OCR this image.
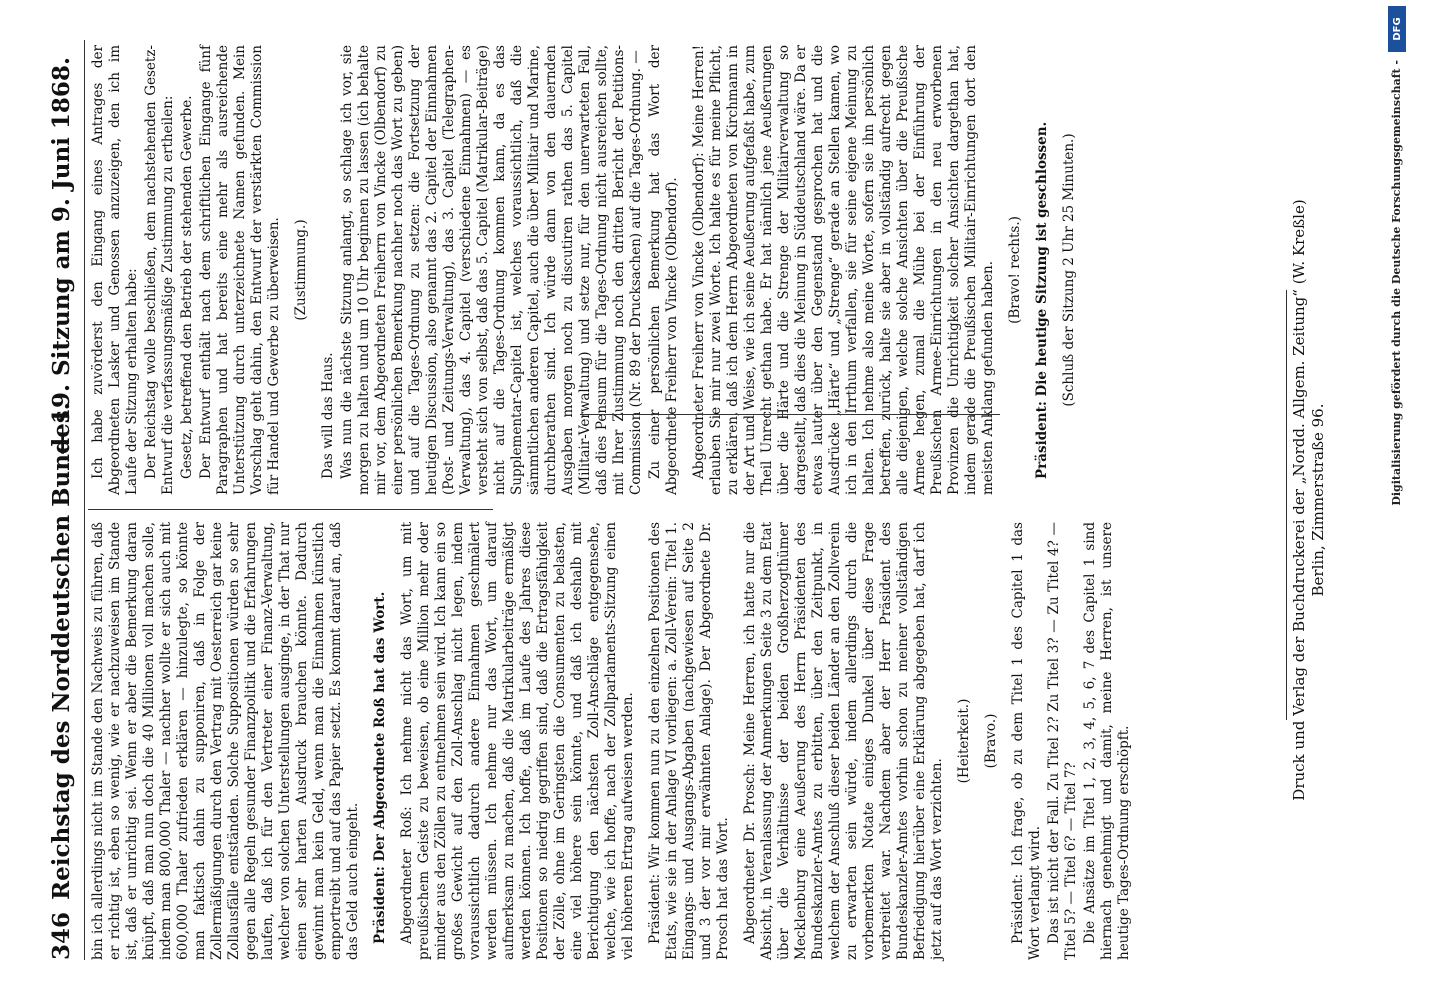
346
Reichstag des Norddeutschen Bundes.
— 19. Sitzung am 9. Juni 1868.

bin ich allerdings nicht im Stande den Nachweis zu führen, daß er richtig ist, eben so wenig, wie er nachzuweisen im Stande ist, daß er unrichtig sei. Wenn er aber die Bemerkung daran knüpft, daß man nun doch die 40 Millionen voll machen solle, indem man 800,000 Thaler — nachher wollte er sich auch mit 600,000 Thaler zufrieden erklären — hinzulegte, so könnte man faktisch dahin zu supponiren, daß in Folge der Zollermäßigungen durch den Vertrag mit Oesterreich gar keine Zollausfälle entständen. Solche Suppositionen würden so sehr gegen alle Regeln gesunder Finanzpolitik und die Erfahrungen laufen, daß ich für den Vertreter einer Finanz-Verwaltung, welcher von solchen Unterstellungen ausginge, in der That nur einen sehr harten Ausdruck brauchen könnte. Dadurch gewinnt man kein Geld, wenn man die Einnahmen künstlich emportreibt und auf das Papier setzt. Es kommt darauf an, daß das Geld auch eingeht. Präsident: Der Abgeordnete Roß hat das Wort. Abgeordneter Roß: Ich nehme nicht das Wort, um mit preußischem Geiste zu beweisen, ob eine Million mehr oder minder aus den Zöllen zu entnehmen sein wird. Ich kann ein so großes Gewicht auf den Zoll-Anschlag nicht legen, indem voraussichtlich dadurch andere Einnahmen geschmälert werden müssen. Ich nehme nur das Wort, um darauf aufmerksam zu machen, daß die Matrikularbeiträge ermäßigt werden können. Ich hoffe, daß im Laufe des Jahres diese Positionen so niedrig gegriffen sind, daß die Ertragsfähigkeit der Zölle, ohne im Geringsten die Consumenten zu belasten, eine viel höhere sein könnte, und daß ich deshalb mit Berichtigung den nächsten Zoll-Anschläge entgegensehe, welche, wie ich hoffe, nach der Zollparlaments-Sitzung einen viel höheren Ertrag aufweisen werden. Präsident: Wir kommen nun zu den einzelnen Positionen des Etats, wie sie in der Anlage VI vorliegen: a. Zoll-Verein: Titel 1. Eingangs- und Ausgangs-Abgaben (nachgewiesen auf Seite 2 und 3 der vor mir erwähnten Anlage). Der Abgeordnete Dr. Prosch hat das Wort. Abgeordneter Dr. Prosch: Meine Herren, ich hatte nur die Absicht, in Veranlassung der Anmerkungen Seite 3 zu dem Etat über die Verhältnisse der beiden Großherzogthümer Mecklenburg eine Aeußerung des Herrn Präsidenten des Bundeskanzler-Amtes zu erbitten, über den Zeitpunkt, in welchem der Anschluß dieser beiden Länder an den Zollverein zu erwarten sein würde, indem allerdings durch die vorbemerkten Notate einiges Dunkel über diese Frage verbreitet war. Nachdem aber der Herr Präsident des Bundeskanzler-Amtes vorhin schon zu meiner vollständigen Befriedigung hierüber eine Erklärung abgegeben hat, darf ich jetzt auf das Wort verzichten.

(Heiterkeit.) (Bravo.) Präsident: Ich frage, ob zu dem Titel 1 des Capitel 1 das Wort verlangt wird. Das ist nicht der Fall. Zu Titel 2? Zu Titel 3? — Zu Titel 4? — Titel 5? — Titel 6? — Titel 7? Die Ansätze im Titel 1, 2, 3, 4, 5, 6, 7 des Capitel 1 sind hiernach genehmigt und damit, meine Herren, ist unsere heutige Tages-Ordnung erschöpft.

Ich habe zuvörderst den Eingang eines Antrages der Abgeordneten Lasker und Genossen anzuzeigen, den ich im Laufe der Sitzung erhalten habe: Der Reichstag wolle beschließen, dem nachstehenden Gesetz-Entwurf die verfassungsmäßige Zustimmung zu ertheilen: Gesetz, betreffend den Betrieb der stehenden Gewerbe. Der Entwurf enthält nach dem schriftlichen Eingange fünf Paragraphen und hat bereits eine mehr als ausreichende Unterstützung durch unterzeichnete Namen gefunden. Mein Vorschlag geht dahin, den Entwurf der verstärkten Commission für Handel und Gewerbe zu überweisen. (Zustimmung.)

Das will das Haus. Was nun die nächste Sitzung anlangt, so schlage ich vor, sie morgen zu halten und um 10 Uhr beginnen zu lassen (ich behalte mir vor, dem Abgeordneten Freiherrn von Vincke (Olbendorf) zu einer persönlichen Bemerkung nachher noch das Wort zu geben) und auf die Tages-Ordnung zu setzen: die Fortsetzung der heutigen Discussion, also genannt das 2. Capitel der Einnahmen (Post- und Zeitungs-Verwaltung), das 3. Capitel (Telegraphen-Verwaltung), das 4. Capitel (verschiedene Einnahmen) — es versteht sich von selbst, daß das 5. Capitel (Matrikular-Beiträge) nicht auf die Tages-Ordnung kommen kann, da es das Supplementar-Capitel ist, welches voraussichtlich, daß die sämmtlichen anderen Capitel, auch die über Militair und Marine, durchberathen sind. Ich würde dann von den dauernden Ausgaben morgen noch zu discutiren rathen das 5. Capitel (Militair-Verwaltung) und setze nur, für den unerwarteten Fall, daß dies Pensum für die Tages-Ordnung nicht ausreichen sollte, mit Ihrer Zustimmung noch den dritten Bericht der Petitions-Commission (Nr. 89 der Drucksachen) auf die Tages-Ordnung. — Zu einer persönlichen Bemerkung hat das Wort der Abgeordnete Freiherr von Vincke (Olbendorf). Abgeordneter Freiherr von Vincke (Olbendorf): Meine Herren! erlauben Sie mir nur zwei Worte. Ich halte es für meine Pflicht, zu erklären, daß ich dem Herrn Abgeordneten von Kirchmann in der Art und Weise, wie ich seine Aeußerung aufgefaßt habe, zum Theil Unrecht gethan habe. Er hat nämlich jene Aeußerungen über die Härte und die Strenge der Militairverwaltung so dargestellt, daß dies die Meinung in Süddeutschland wäre. Da er etwas lauter über den Gegenstand gesprochen hat und die Ausdrücke „Härte“ und „Strenge“ gerade an Stellen kamen, wo ich in den Irrthum verfallen, sie für seine eigene Meinung zu halten. Ich nehme also meine Worte, sofern sie ihn persönlich betreffen, zurück, halte sie aber in vollständig aufrecht gegen alle diejenigen, welche solche Ansichten über die Preußische Armee hegen, zumal die Mühe bei der Einführung der Preußischen Armee-Einrichtungen in den neu erworbenen Provinzen die Unrichtigkeit solcher Ansichten dargethan hat, indem gerade die Preußischen Militair-Einrichtungen dort den meisten Anklang gefunden haben. (Bravo! rechts.) Präsident: Die heutige Sitzung ist geschlossen. (Schluß der Sitzung 2 Uhr 25 Minuten.)	Druck und Verlag der Buchdruckerei der „Nordd. Allgem. Zeitung“ (W. Kreßle) Berlin, Zimmerstraße 96.	Digitalisierung gefördert durch die Deutsche Forschungsgemeinschaft -
DFG
